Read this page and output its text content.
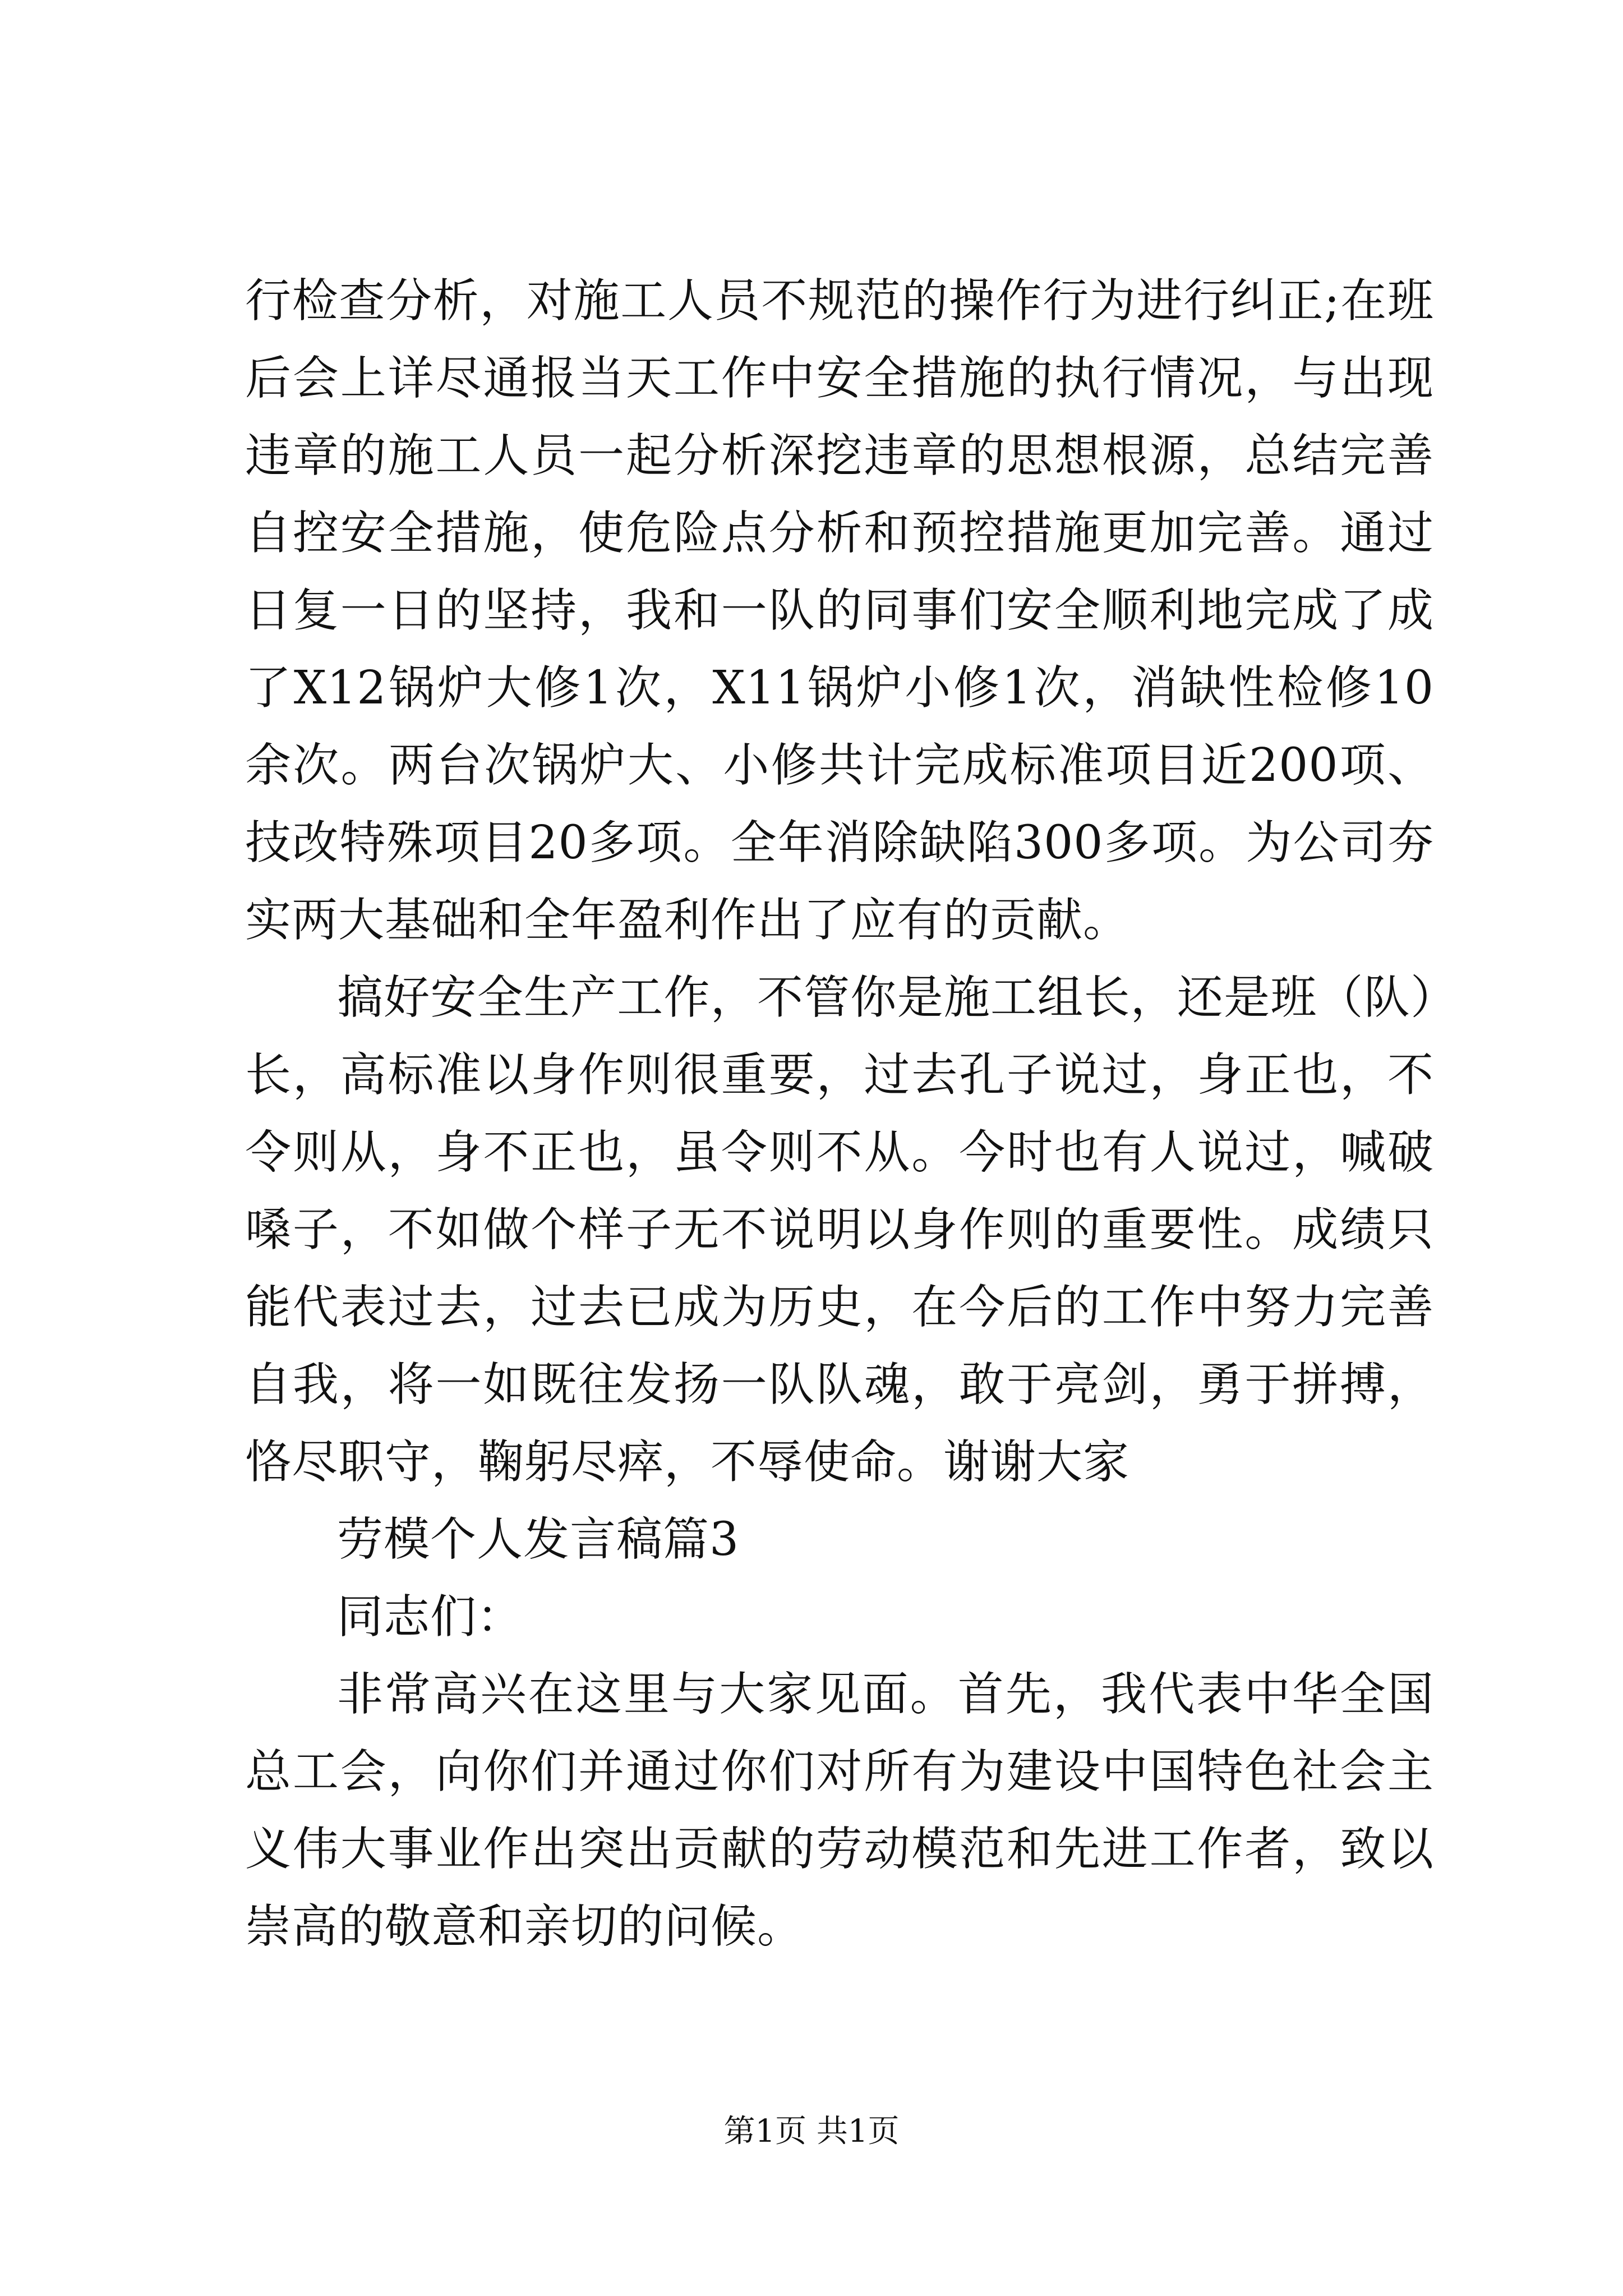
行检查分析，对施工人员不规范的操作行为进行纠正;在班后会上详尽通报当天工作中安全措施的执行情况，与出现违章的施工人员一起分析深挖违章的思想根源，总结完善自控安全措施，使危险点分析和预控措施更加完善。通过日复一日的坚持，我和一队的同事们安全顺利地完成了成了X12锅炉大修1次，X11锅炉小修1次，消缺性检修10余次。两台次锅炉大、小修共计完成标准项目近200项、技改特殊项目20多项。全年消除缺陷300多项。为公司夯实两大基础和全年盈利作出了应有的贡献。

搞好安全生产工作，不管你是施工组长，还是班（队）长，高标准以身作则很重要，过去孔子说过，身正也，不令则从，身不正也，虽令则不从。今时也有人说过，喊破嗓子，不如做个样子无不说明以身作则的重要性。成绩只能代表过去，过去已成为历史，在今后的工作中努力完善自我，将一如既往发扬一队队魂，敢于亮剑，勇于拼搏，恪尽职守，鞠躬尽瘁，不辱使命。谢谢大家

劳模个人发言稿篇3

同志们：

非常高兴在这里与大家见面。首先，我代表中华全国总工会，向你们并通过你们对所有为建设中国特色社会主义伟大事业作出突出贡献的劳动模范和先进工作者，致以崇高的敬意和亲切的问候。

第1页 共1页
